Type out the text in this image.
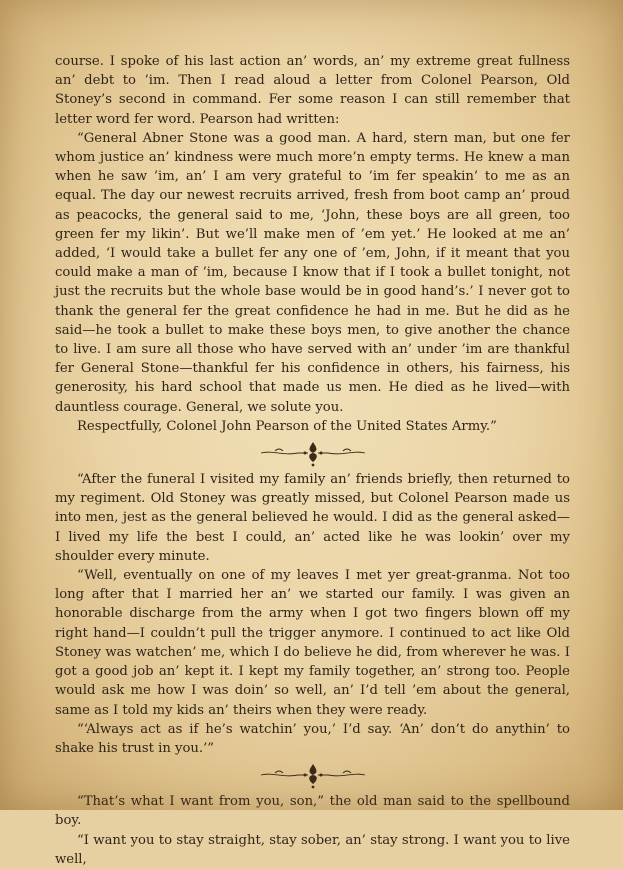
course. I spoke of his last action an’ words, an’ my extreme great fullness an’ debt to ’im. Then I read aloud a letter from Colonel Pearson, Old Stoney’s second in command. Fer some reason I can still remember that letter word fer word. Pearson had written:

“General Abner Stone was a good man. A hard, stern man, but one fer whom justice an’ kindness were much more’n empty terms. He knew a man when he saw ’im, an’ I am very grateful to ’im fer speakin’ to me as an equal. The day our newest recruits arrived, fresh from boot camp an’ proud as peacocks, the general said to me, ‘John, these boys are all green, too green fer my likin’. But we’ll make men of ’em yet.’ He looked at me an’ added, ‘I would take a bullet fer any one of ’em, John, if it meant that you could make a man of ’im, because I know that if I took a bullet tonight, not just the recruits but the whole base would be in good hand’s.’ I never got to thank the general fer the great confidence he had in me. But he did as he said—he took a bullet to make these boys men, to give another the chance to live. I am sure all those who have served with an’ under ’im are thankful fer General Stone—thankful fer his confidence in others, his fairness, his generosity, his hard school that made us men. He died as he lived—with dauntless courage. General, we solute you.

Respectfully, Colonel John Pearson of the United States Army.”

“After the funeral I visited my family an’ friends briefly, then returned to my regiment. Old Stoney was greatly missed, but Colonel Pearson made us into men, jest as the general believed he would. I did as the general asked—I lived my life the best I could, an’ acted like he was lookin’ over my shoulder every minute.

“Well, eventually on one of my leaves I met yer great-granma. Not too long after that I married her an’ we started our family. I was given an honorable discharge from the army when I got two fingers blown off my right hand—I couldn’t pull the trigger anymore. I continued to act like Old Stoney was watchen’ me, which I do believe he did, from wherever he was. I got a good job an’ kept it. I kept my family together, an’ strong too. People would ask me how I was doin’ so well, an’ I’d tell ’em about the general, same as I told my kids an’ theirs when they were ready.

“‘Always act as if he’s watchin’ you,’ I’d say. ‘An’ don’t do anythin’ to shake his trust in you.’”

“That’s what I want from you, son,” the old man said to the spellbound boy.

“I want you to stay straight, stay sober, an’ stay strong. I want you to live well,
